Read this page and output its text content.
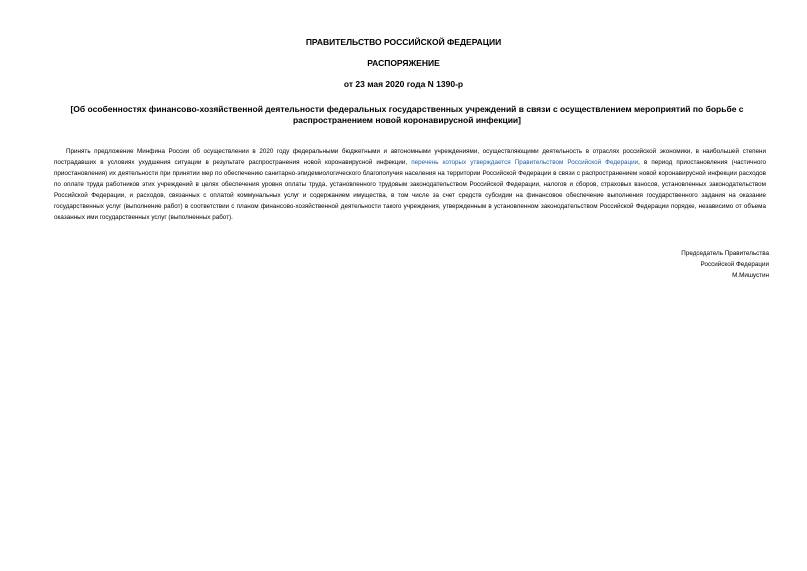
ПРАВИТЕЛЬСТВО РОССИЙСКОЙ ФЕДЕРАЦИИ
РАСПОРЯЖЕНИЕ
от 23 мая 2020 года N 1390-р
[Об особенностях финансово-хозяйственной деятельности федеральных государственных учреждений в связи с осуществлением мероприятий по борьбе с распространением новой коронавирусной инфекции]
Принять предложение Минфина России об осуществлении в 2020 году федеральными бюджетными и автономными учреждениями, осуществляющими деятельность в отраслях российской экономики, в наибольшей степени пострадавших в условиях ухудшения ситуации в результате распространения новой коронавирусной инфекции, перечень которых утверждается Правительством Российской Федерации, в период приостановления (частичного приостановления) их деятельности при принятии мер по обеспечению санитарно-эпидемиологического благополучия населения на территории Российской Федерации в связи с распространением новой коронавирусной инфекции расходов по оплате труда работников этих учреждений в целях обеспечения уровня оплаты труда, установленного трудовым законодательством Российской Федерации, налогов и сборов, страховых взносов, установленных законодательством Российской Федерации, и расходов, связанных с оплатой коммунальных услуг и содержанием имущества, в том числе за счет средств субсидии на финансовое обеспечение выполнения государственного задания на оказание государственных услуг (выполнение работ) в соответствии с планом финансово-хозяйственной деятельности такого учреждения, утвержденным в установленном законодательством Российской Федерации порядке, независимо от объема оказанных ими государственных услуг (выполненных работ).
Председатель Правительства
Российской Федерации
М.Мишустин
